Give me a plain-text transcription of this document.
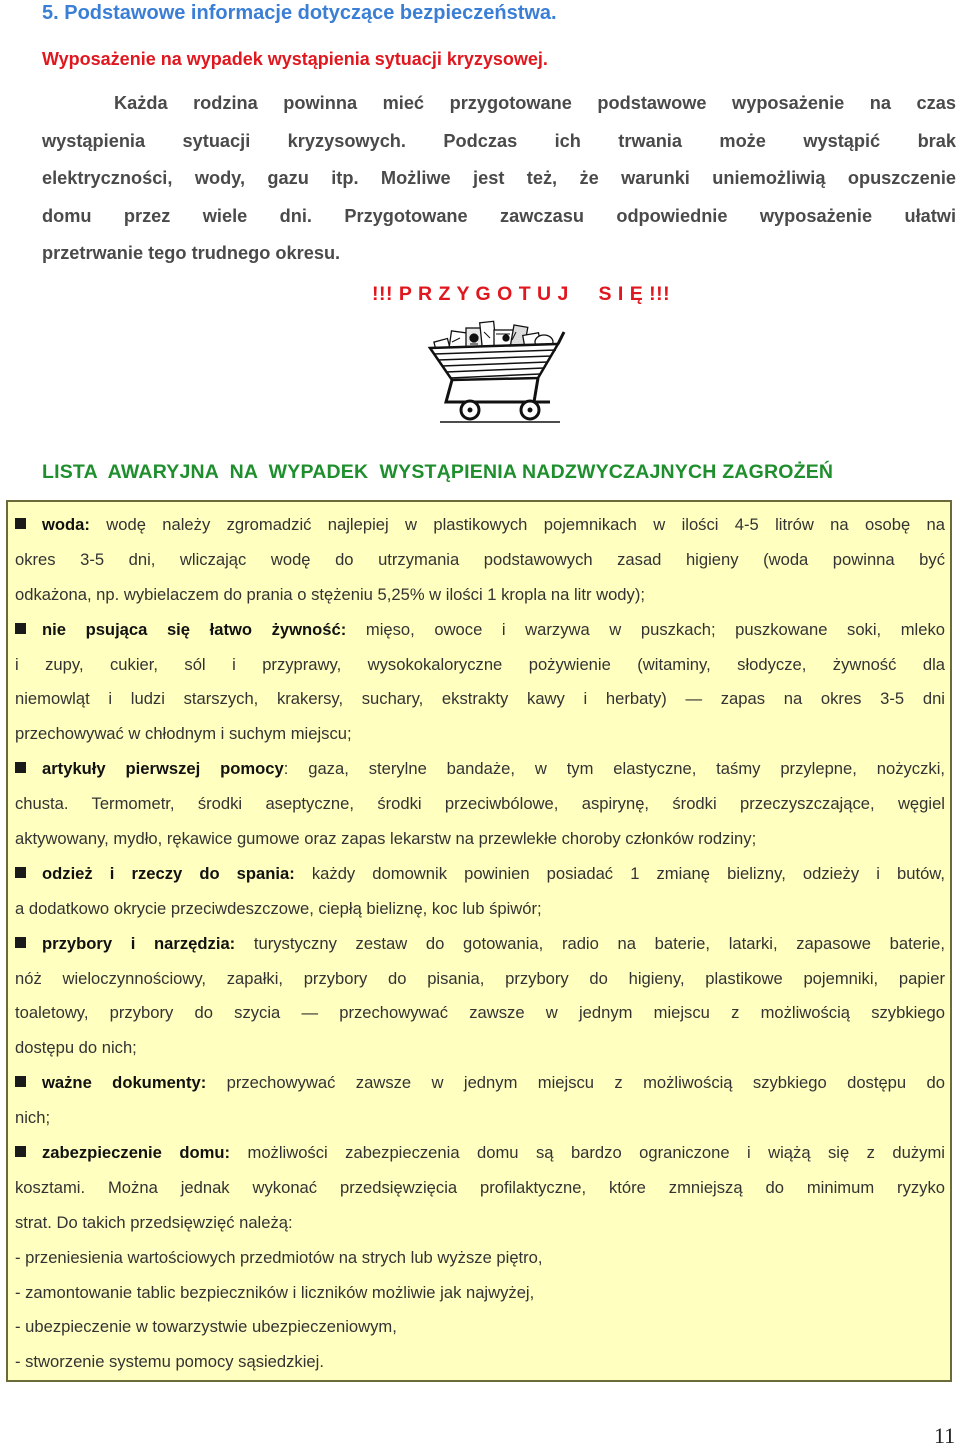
5. Podstawowe informacje dotyczące bezpieczeństwa.
Wyposażenie na wypadek wystąpienia sytuacji kryzysowej.
Każda rodzina powinna mieć przygotowane podstawowe wyposażenie na czas
wystąpienia sytuacji kryzysowych. Podczas ich trwania może wystąpić brak
elektryczności, wody, gazu itp. Możliwe jest też, że warunki uniemożliwią opuszczenie
domu przez wiele dni. Przygotowane zawczasu odpowiednie wyposażenie ułatwi
przetrwanie tego trudnego okresu.
!!! P R Z Y G O T U J     S I Ę !!!
LISTA  AWARYJNA  NA  WYPADEK  WYSTĄPIENIA NADZWYCZAJNYCH ZAGROŻEŃ
woda: wodę należy zgromadzić najlepiej w plastikowych pojemnikach w ilości 4-5 litrów na osobę na
okres 3-5 dni, wliczając wodę do utrzymania podstawowych zasad higieny (woda powinna być
odkażona, np. wybielaczem do prania o stężeniu 5,25% w ilości 1 kropla na litr wody);
nie psująca się łatwo żywność: mięso, owoce i warzywa w puszkach; puszkowane soki, mleko
i zupy, cukier, sól i przyprawy, wysokokaloryczne pożywienie (witaminy, słodycze, żywność dla
niemowląt i ludzi starszych, krakersy, suchary, ekstrakty kawy i herbaty) — zapas na okres 3-5 dni
przechowywać w chłodnym i suchym miejscu;
artykuły pierwszej pomocy: gaza, sterylne bandaże, w tym elastyczne, taśmy przylepne, nożyczki,
chusta. Termometr, środki aseptyczne, środki przeciwbólowe, aspirynę, środki przeczyszczające, węgiel
aktywowany, mydło, rękawice gumowe oraz zapas lekarstw na przewlekłe choroby członków rodziny;
odzież i rzeczy do spania: każdy domownik powinien posiadać 1 zmianę bielizny, odzieży i butów,
a dodatkowo okrycie przeciwdeszczowe, ciepłą bieliznę, koc lub śpiwór;
przybory i narzędzia: turystyczny zestaw do gotowania, radio na baterie, latarki, zapasowe baterie,
nóż wieloczynnościowy, zapałki, przybory do pisania, przybory do higieny, plastikowe pojemniki, papier
toaletowy, przybory do szycia — przechowywać zawsze w jednym miejscu z możliwością szybkiego
dostępu do nich;
ważne dokumenty: przechowywać zawsze w jednym miejscu z możliwością szybkiego dostępu do
nich;
zabezpieczenie domu: możliwości zabezpieczenia domu są bardzo ograniczone i wiążą się z dużymi
kosztami. Można jednak wykonać przedsięwzięcia profilaktyczne, które zmniejszą do minimum ryzyko
strat. Do takich przedsięwzięć należą:
- przeniesienia wartościowych przedmiotów na strych lub wyższe piętro,
- zamontowanie tablic bezpieczników i liczników możliwie jak najwyżej,
- ubezpieczenie w towarzystwie ubezpieczeniowym,
- stworzenie systemu pomocy sąsiedzkiej.
11
